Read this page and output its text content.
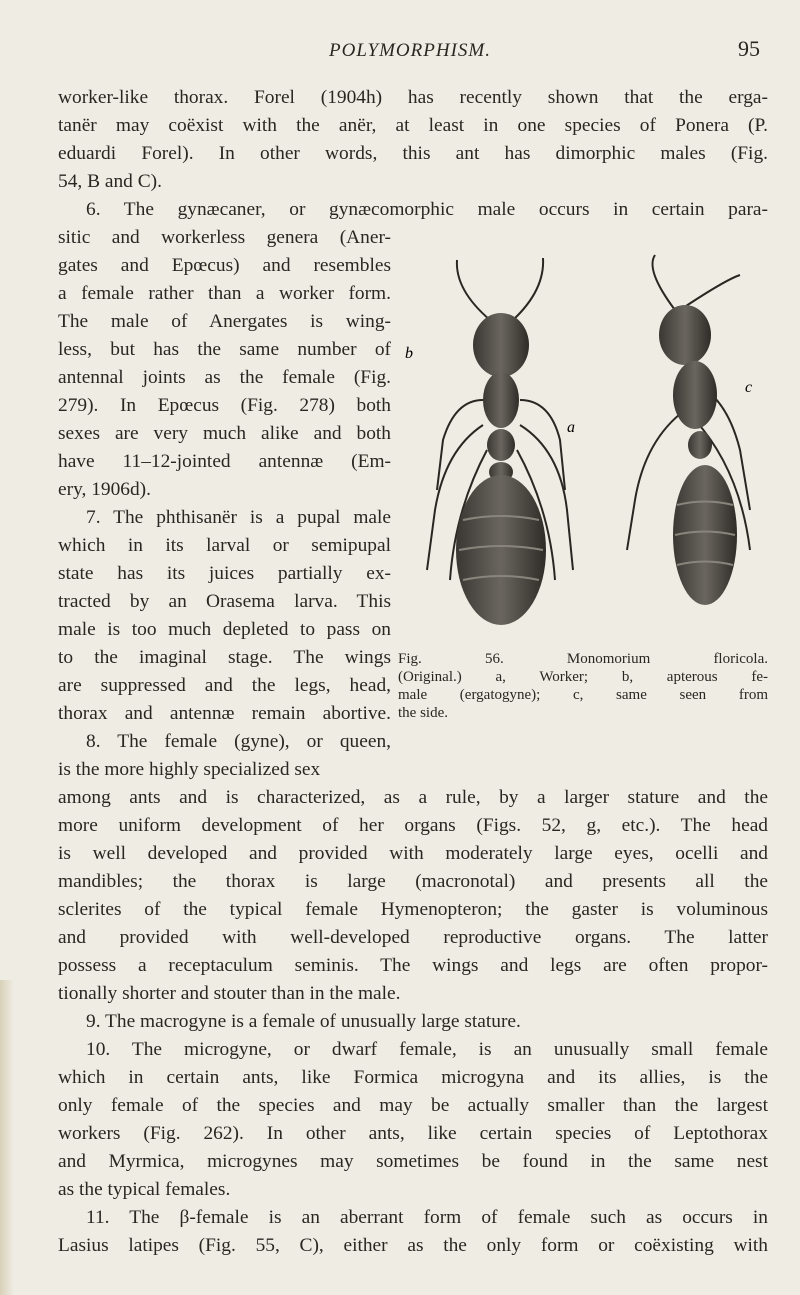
POLYMORPHISM.	95
worker-like thorax. Forel (1904h) has recently shown that the erga-
tanër may coëxist with the anër, at least in one species of Ponera (P.
eduardi Forel). In other words, this ant has dimorphic males (Fig.
54, B and C).
6. The gynæcaner, or gynæcomorphic male occurs in certain para-
sitic and workerless genera (Aner-
gates and Epœcus) and resembles
a female rather than a worker form.
The male of Anergates is wing-
less, but has the same number of
antennal joints as the female (Fig.
279). In Epœcus (Fig. 278) both
sexes are very much alike and both
have 11–12-jointed antennæ (Em-
ery, 1906d).
7. The phthisanër is a pupal male
which in its larval or semipupal
state has its juices partially ex-
tracted by an Orasema larva. This
male is too much depleted to pass on
to the imaginal stage. The wings
are suppressed and the legs, head,
thorax and antennæ remain abortive.
8. The female (gyne), or queen,
b
a
c
Fig. 56. Monomorium floricola.
(Original.) a, Worker; b, apterous fe-
male (ergatogyne); c, same seen from
the side.
is the more highly specialized sex
among ants and is characterized, as a rule, by a larger stature and the
more uniform development of her organs (Figs. 52, g, etc.). The head
is well developed and provided with moderately large eyes, ocelli and
mandibles; the thorax is large (macronotal) and presents all the
sclerites of the typical female Hymenopteron; the gaster is voluminous
and provided with well-developed reproductive organs. The latter
possess a receptaculum seminis. The wings and legs are often propor-
tionally shorter and stouter than in the male.
9. The macrogyne is a female of unusually large stature.
10. The microgyne, or dwarf female, is an unusually small female
which in certain ants, like Formica microgyna and its allies, is the
only female of the species and may be actually smaller than the largest
workers (Fig. 262). In other ants, like certain species of Leptothorax
and Myrmica, microgynes may sometimes be found in the same nest
as the typical females.
11. The β-female is an aberrant form of female such as occurs in
Lasius latipes (Fig. 55, C), either as the only form or coëxisting with
